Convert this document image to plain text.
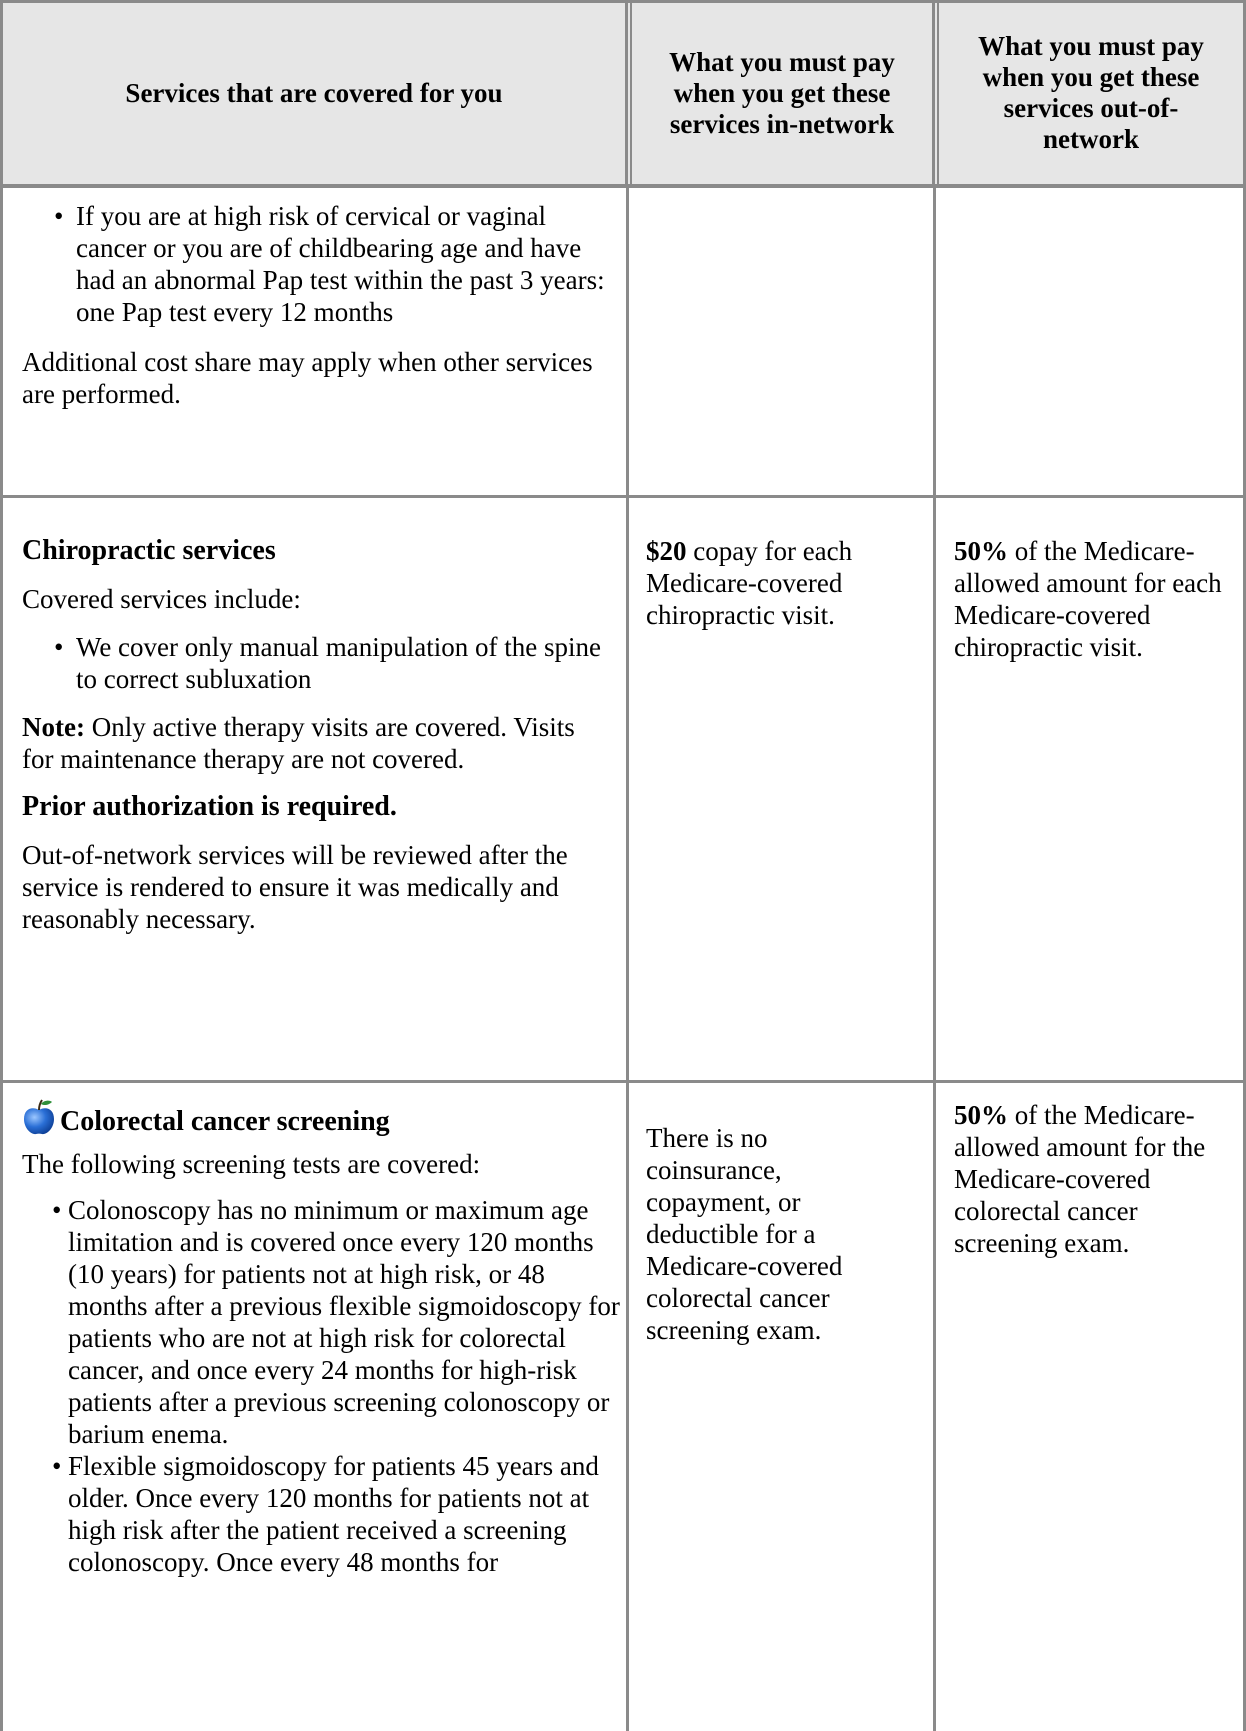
Services that are covered for you
What you must pay when you get these services in-network
What you must pay when you get these services out-of-network
• If you are at high risk of cervical or vaginal cancer or you are of childbearing age and have had an abnormal Pap test within the past 3 years: one Pap test every 12 months

Additional cost share may apply when other services are performed.

Chiropractic services

Covered services include:

• We cover only manual manipulation of the spine to correct subluxation

Note: Only active therapy visits are covered. Visits for maintenance therapy are not covered.

Prior authorization is required.

Out-of-network services will be reviewed after the service is rendered to ensure it was medically and reasonably necessary.

$20 copay for each Medicare-covered chiropractic visit.

50% of the Medicare-allowed amount for each Medicare-covered chiropractic visit.

Colorectal cancer screening

The following screening tests are covered:

• Colonoscopy has no minimum or maximum age limitation and is covered once every 120 months (10 years) for patients not at high risk, or 48 months after a previous flexible sigmoidoscopy for patients who are not at high risk for colorectal cancer, and once every 24 months for high-risk patients after a previous screening colonoscopy or barium enema.
• Flexible sigmoidoscopy for patients 45 years and older. Once every 120 months for patients not at high risk after the patient received a screening colonoscopy. Once every 48 months for

There is no coinsurance, copayment, or deductible for a Medicare-covered colorectal cancer screening exam.

50% of the Medicare-allowed amount for the Medicare-covered colorectal cancer screening exam.
